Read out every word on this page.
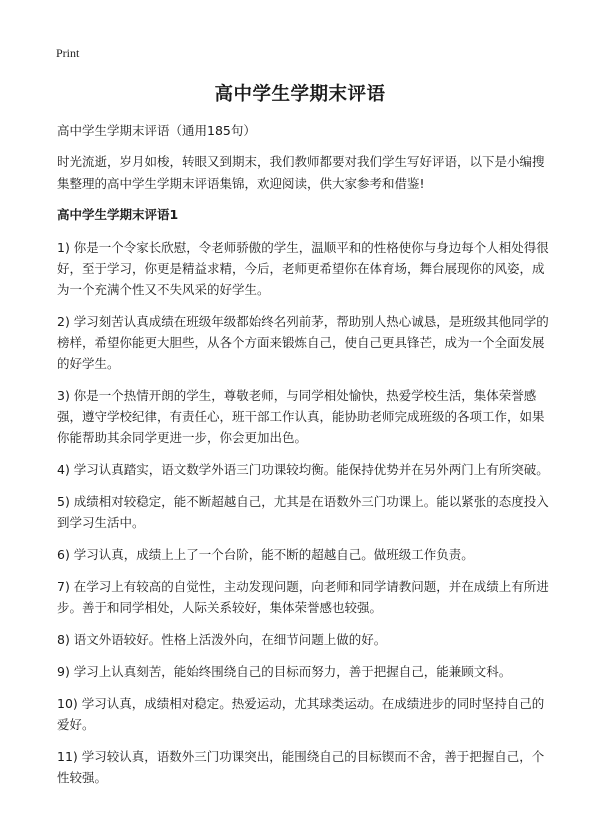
Print
高中学生学期末评语

高中学生学期末评语（通用185句）

时光流逝，岁月如梭，转眼又到期末，我们教师都要对我们学生写好评语，以下是小编搜集整理的高中学生学期末评语集锦，欢迎阅读，供大家参考和借鉴!

高中学生学期末评语1

1) 你是一个令家长欣慰，令老师骄傲的学生，温顺平和的性格使你与身边每个人相处得很好，至于学习，你更是精益求精，今后，老师更希望你在体育场，舞台展现你的风姿，成为一个充满个性又不失风采的好学生。

2) 学习刻苦认真成绩在班级年级都始终名列前茅，帮助别人热心诚恳，是班级其他同学的榜样，希望你能更大胆些，从各个方面来锻炼自己，使自己更具锋芒，成为一个全面发展的好学生。

3) 你是一个热情开朗的学生，尊敬老师，与同学相处愉快，热爱学校生活，集体荣誉感强，遵守学校纪律，有责任心，班干部工作认真，能协助老师完成班级的各项工作，如果你能帮助其余同学更进一步，你会更加出色。

4) 学习认真踏实，语文数学外语三门功课较均衡。能保持优势并在另外两门上有所突破。

5) 成绩相对较稳定，能不断超越自己，尤其是在语数外三门功课上。能以紧张的态度投入到学习生活中。

6) 学习认真，成绩上上了一个台阶，能不断的超越自己。做班级工作负责。

7) 在学习上有较高的自觉性，主动发现问题，向老师和同学请教问题，并在成绩上有所进步。善于和同学相处，人际关系较好，集体荣誉感也较强。

8) 语文外语较好。性格上活泼外向，在细节问题上做的好。

9) 学习上认真刻苦，能始终围绕自己的目标而努力，善于把握自己，能兼顾文科。

10) 学习认真，成绩相对稳定。热爱运动，尤其球类运动。在成绩进步的同时坚持自己的爱好。

11) 学习较认真，语数外三门功课突出，能围绕自己的目标锲而不舍，善于把握自己，个性较强。
